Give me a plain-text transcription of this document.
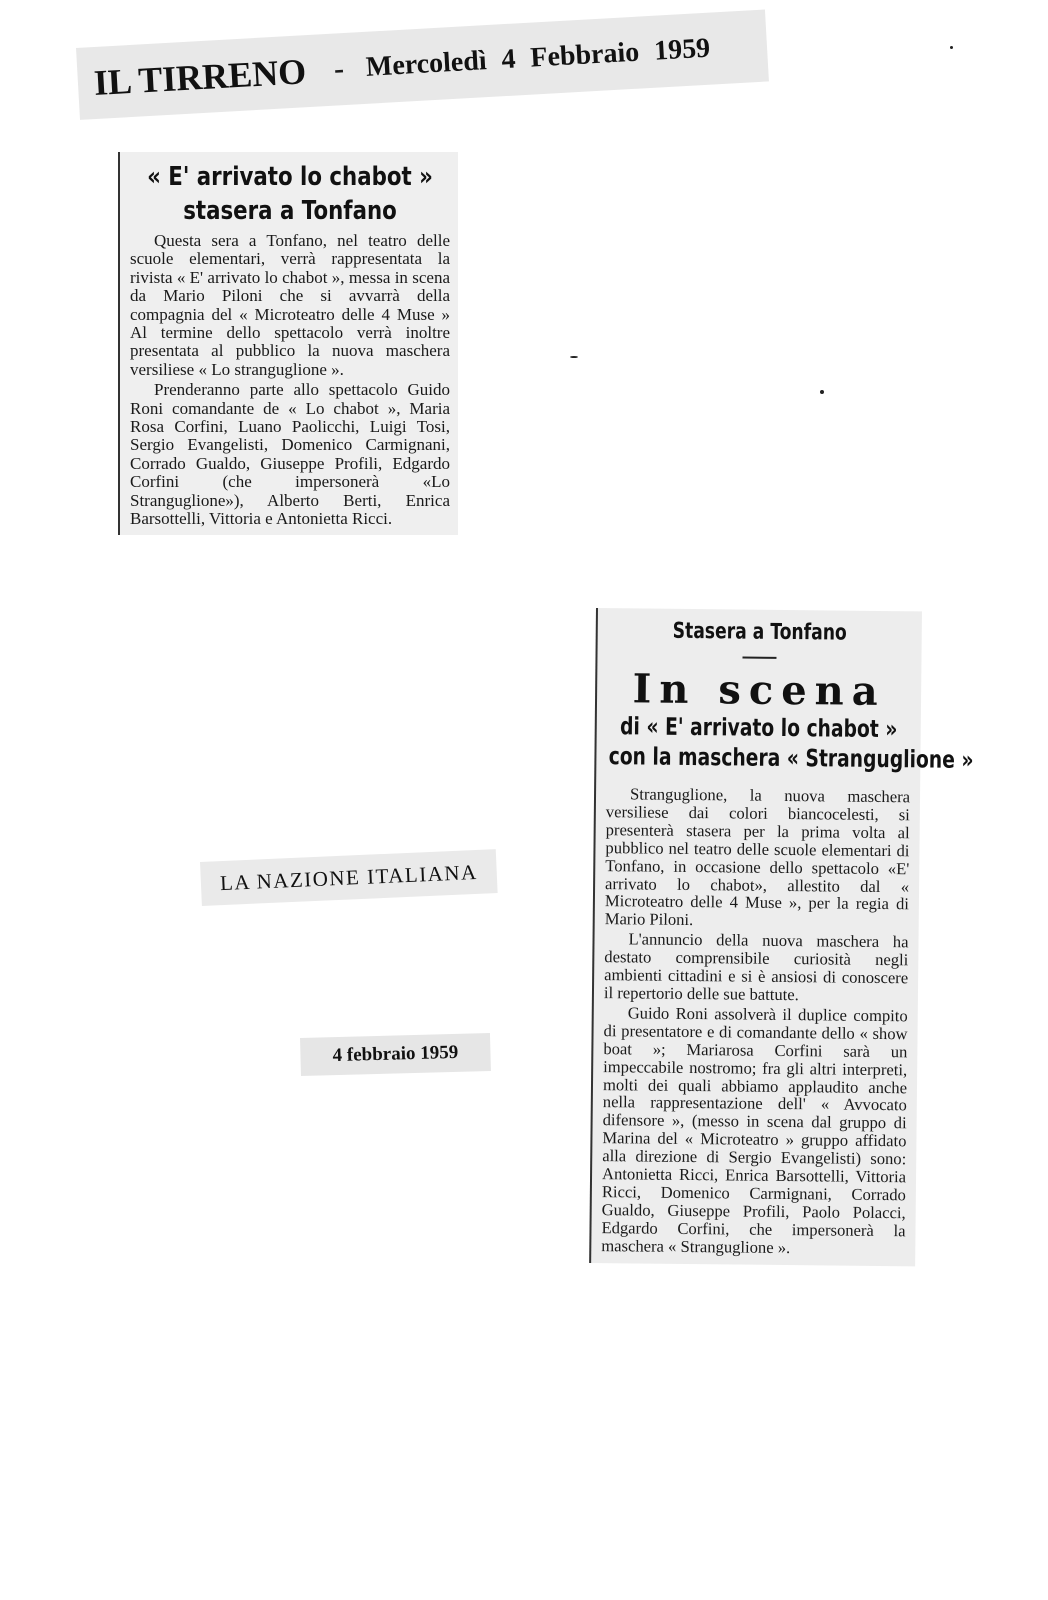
IL TIRRENO - Mercoledì 4 Febbraio 1959
« E' arrivato lo chabot »
stasera a Tonfano

Questa sera a Tonfano, nel teatro delle scuole elementari, verrà rappresentata la rivista « E' arrivato lo chabot », messa in scena da Mario Piloni che si avvarrà della compagnia del « Microteatro delle 4 Muse » Al termine dello spettacolo verrà inoltre presentata al pubblico la nuova maschera versiliese « Lo stranguglione ».

Prenderanno parte allo spettacolo Guido Roni comandante de « Lo chabot », Maria Rosa Corfini, Luano Paolicchi, Luigi Tosi, Sergio Evangelisti, Domenico Carmignani, Corrado Gualdo, Giuseppe Profili, Edgardo Corfini (che impersonerà «Lo Stranguglione»), Alberto Berti, Enrica Barsottelli, Vittoria e Antonietta Ricci.

LA NAZIONE ITALIANA
4 febbraio 1959
Stasera a Tonfano
In scena
di « E' arrivato lo chabot »
con la maschera « Stranguglione »

Stranguglione, la nuova maschera versiliese dai colori biancocelesti, si presenterà stasera per la prima volta al pubblico nel teatro delle scuole elementari di Tonfano, in occasione dello spettacolo «E' arrivato lo chabot», allestito dal « Microteatro delle 4 Muse », per la regia di Mario Piloni.

L'annuncio della nuova maschera ha destato comprensibile curiosità negli ambienti cittadini e si è ansiosi di conoscere il repertorio delle sue battute.

Guido Roni assolverà il duplice compito di presentatore e di comandante dello « show boat »; Mariarosa Corfini sarà un impeccabile nostromo; fra gli altri interpreti, molti dei quali abbiamo applaudito anche nella rappresentazione dell' « Avvocato difensore », (messo in scena dal gruppo di Marina del « Microteatro » gruppo affidato alla direzione di Sergio Evangelisti) sono: Antonietta Ricci, Enrica Barsottelli, Vittoria Ricci, Domenico Carmignani, Corrado Gualdo, Giuseppe Profili, Paolo Polacci, Edgardo Corfini, che impersonerà la maschera « Stranguglione ».
